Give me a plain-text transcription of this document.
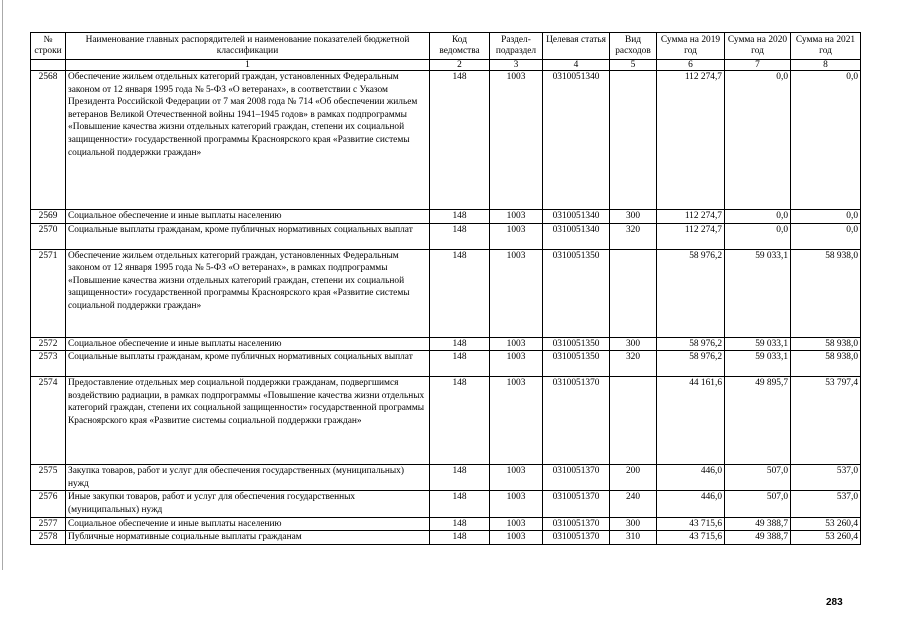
№ строки	Наименование главных распорядителей и наименование показателей бюджетной классификации	Код ведомства	Раздел-подраздел	Целевая статья	Вид расходов	Сумма на 2019 год	Сумма на 2020 год	Сумма на 2021 год
	1	2	3	4	5	6	7	8
2568	Обеспечение жильем отдельных категорий граждан, установленных Федеральным законом от 12 января 1995 года № 5-ФЗ «О ветеранах», в соответствии с Указом Президента Российской Федерации от 7 мая 2008 года № 714 «Об обеспечении жильем ветеранов Великой Отечественной войны 1941–1945 годов» в рамках подпрограммы «Повышение качества жизни отдельных категорий граждан, степени их социальной защищенности» государственной программы Красноярского края «Развитие системы социальной поддержки граждан»	148	1003	0310051340		112 274,7	0,0	0,0
2569	Социальное обеспечение и иные выплаты населению	148	1003	0310051340	300	112 274,7	0,0	0,0
2570	Социальные выплаты гражданам, кроме публичных нормативных социальных выплат	148	1003	0310051340	320	112 274,7	0,0	0,0
2571	Обеспечение жильем отдельных категорий граждан, установленных Федеральным законом от 12 января 1995 года № 5-ФЗ «О ветеранах», в рамках подпрограммы «Повышение качества жизни отдельных категорий граждан, степени их социальной защищенности» государственной программы Красноярского края «Развитие системы социальной поддержки граждан»	148	1003	0310051350		58 976,2	59 033,1	58 938,0
2572	Социальное обеспечение и иные выплаты населению	148	1003	0310051350	300	58 976,2	59 033,1	58 938,0
2573	Социальные выплаты гражданам, кроме публичных нормативных социальных выплат	148	1003	0310051350	320	58 976,2	59 033,1	58 938,0
2574	Предоставление отдельных мер социальной поддержки гражданам, подвергшимся воздействию радиации, в рамках подпрограммы «Повышение качества жизни отдельных категорий граждан, степени их социальной защищенности» государственной программы Красноярского края «Развитие системы социальной поддержки граждан»	148	1003	0310051370		44 161,6	49 895,7	53 797,4
2575	Закупка товаров, работ и услуг для обеспечения государственных (муниципальных) нужд	148	1003	0310051370	200	446,0	507,0	537,0
2576	Иные закупки товаров, работ и услуг для обеспечения государственных (муниципальных) нужд	148	1003	0310051370	240	446,0	507,0	537,0
2577	Социальное обеспечение и иные выплаты населению	148	1003	0310051370	300	43 715,6	49 388,7	53 260,4
2578	Публичные нормативные социальные выплаты гражданам	148	1003	0310051370	310	43 715,6	49 388,7	53 260,4
283
